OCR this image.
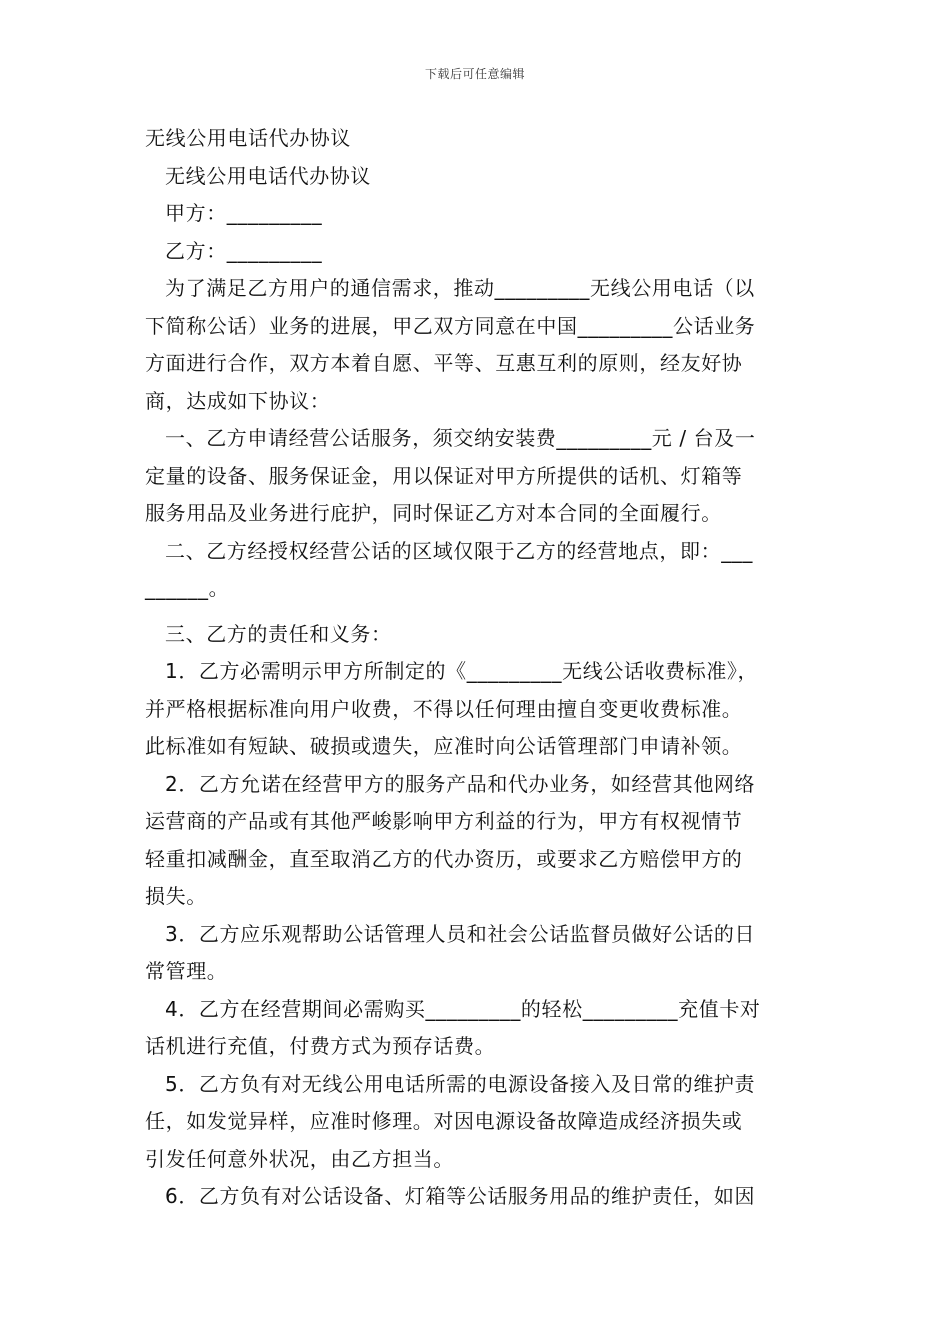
下载后可任意编辑
无线公用电话代办协议
无线公用电话代办协议
甲方：_________
乙方：_________
为了满足乙方用户的通信需求，推动_________无线公用电话（以
下简称公话）业务的进展，甲乙双方同意在中国_________公话业务
方面进行合作，双方本着自愿、平等、互惠互利的原则，经友好协
商，达成如下协议：
一、乙方申请经营公话服务，须交纳安装费_________元 / 台及一
定量的设备、服务保证金，用以保证对甲方所提供的话机、灯箱等
服务用品及业务进行庇护，同时保证乙方对本合同的全面履行。
二、乙方经授权经营公话的区域仅限于乙方的经营地点，即：___
______。
三、乙方的责任和义务：
1．乙方必需明示甲方所制定的《_________无线公话收费标准》，
并严格根据标准向用户收费，不得以任何理由擅自变更收费标准。
此标准如有短缺、破损或遗失，应准时向公话管理部门申请补领。
2．乙方允诺在经营甲方的服务产品和代办业务，如经营其他网络
运营商的产品或有其他严峻影响甲方利益的行为，甲方有权视情节
轻重扣减酬金，直至取消乙方的代办资历，或要求乙方赔偿甲方的
损失。
3．乙方应乐观帮助公话管理人员和社会公话监督员做好公话的日
常管理。
4．乙方在经营期间必需购买_________的轻松_________充值卡对
话机进行充值，付费方式为预存话费。
5．乙方负有对无线公用电话所需的电源设备接入及日常的维护责
任，如发觉异样，应准时修理。对因电源设备故障造成经济损失或
引发任何意外状况，由乙方担当。
6．乙方负有对公话设备、灯箱等公话服务用品的维护责任，如因
